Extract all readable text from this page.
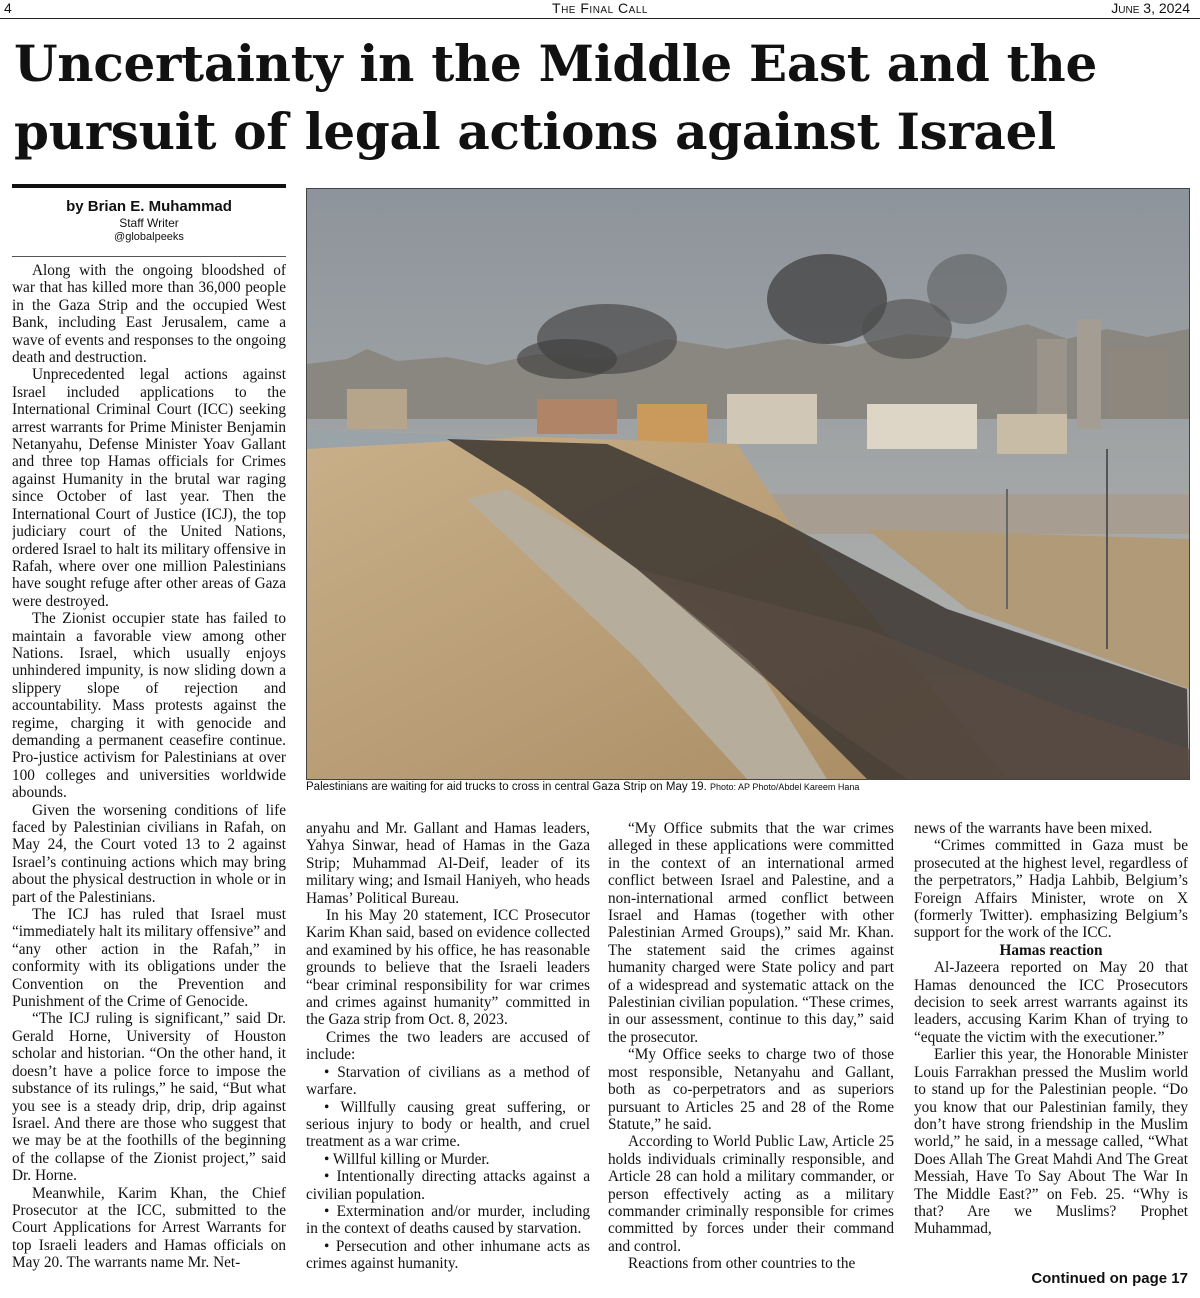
4	The Final Call	June 3, 2024
Uncertainty in the Middle East and the pursuit of legal actions against Israel
by Brian E. Muhammad
Staff Writer
@globalpeeks

Along with the ongoing bloodshed of war that has killed more than 36,000 people in the Gaza Strip and the occupied West Bank, including East Jerusalem, came a wave of events and responses to the ongoing death and destruction.

Unprecedented legal actions against Israel included applications to the International Criminal Court (ICC) seeking arrest warrants for Prime Minister Benjamin Netanyahu, Defense Minister Yoav Gallant and three top Hamas officials for Crimes against Humanity in the brutal war raging since October of last year. Then the International Court of Justice (ICJ), the top judiciary court of the United Nations, ordered Israel to halt its military offensive in Rafah, where over one million Palestinians have sought refuge after other areas of Gaza were destroyed.

The Zionist occupier state has failed to maintain a favorable view among other Nations. Israel, which usually enjoys unhindered impunity, is now sliding down a slippery slope of rejection and accountability. Mass protests against the regime, charging it with genocide and demanding a permanent ceasefire continue. Pro-justice activism for Palestinians at over 100 colleges and universities worldwide abounds.

Given the worsening conditions of life faced by Palestinian civilians in Rafah, on May 24, the Court voted 13 to 2 against Israel’s continuing actions which may bring about the physical destruction in whole or in part of the Palestinians.

The ICJ has ruled that Israel must “immediately halt its military offensive” and “any other action in the Rafah,” in conformity with its obligations under the Convention on the Prevention and Punishment of the Crime of Genocide.

“The ICJ ruling is significant,” said Dr. Gerald Horne, University of Houston scholar and historian. “On the other hand, it doesn’t have a police force to impose the substance of its rulings,” he said, “But what you see is a steady drip, drip, drip against Israel. And there are those who suggest that we may be at the foothills of the beginning of the collapse of the Zionist project,” said Dr. Horne.

Meanwhile, Karim Khan, the Chief Prosecutor at the ICC, submitted to the Court Applications for Arrest Warrants for top Israeli leaders and Hamas officials on May 20. The warrants name Mr. Net-

Palestinians are waiting for aid trucks to cross in central Gaza Strip on May 19. Photo: AP Photo/Abdel Kareem Hana

anyahu and Mr. Gallant and Hamas leaders, Yahya Sinwar, head of Hamas in the Gaza Strip; Muhammad Al-Deif, leader of its military wing; and Ismail Haniyeh, who heads Hamas’ Political Bureau.

In his May 20 statement, ICC Prosecutor Karim Khan said, based on evidence collected and examined by his office, he has reasonable grounds to believe that the Israeli leaders “bear criminal responsibility for war crimes and crimes against humanity” committed in the Gaza strip from Oct. 8, 2023.

Crimes the two leaders are accused of include:

• Starvation of civilians as a method of warfare.

• Willfully causing great suffering, or serious injury to body or health, and cruel treatment as a war crime.

• Willful killing or Murder.

• Intentionally directing attacks against a civilian population.

• Extermination and/or murder, including in the context of deaths caused by starvation.

• Persecution and other inhumane acts as crimes against humanity.

“My Office submits that the war crimes alleged in these applications were committed in the context of an international armed conflict between Israel and Palestine, and a non-international armed conflict between Israel and Hamas (together with other Palestinian Armed Groups),” said Mr. Khan. The statement said the crimes against humanity charged were State policy and part of a widespread and systematic attack on the Palestinian civilian population. “These crimes, in our assessment, continue to this day,” said the prosecutor.

“My Office seeks to charge two of those most responsible, Netanyahu and Gallant, both as co-perpetrators and as superiors pursuant to Articles 25 and 28 of the Rome Statute,” he said.

According to World Public Law, Article 25 holds individuals criminally responsible, and Article 28 can hold a military commander, or person effectively acting as a military commander criminally responsible for crimes committed by forces under their command and control.

Reactions from other countries to the

news of the warrants have been mixed.

“Crimes committed in Gaza must be prosecuted at the highest level, regardless of the perpetrators,” Hadja Lahbib, Belgium’s Foreign Affairs Minister, wrote on X (formerly Twitter). emphasizing Belgium’s support for the work of the ICC.

Hamas reaction

Al-Jazeera reported on May 20 that Hamas denounced the ICC Prosecutors decision to seek arrest warrants against its leaders, accusing Karim Khan of trying to “equate the victim with the executioner.”

Earlier this year, the Honorable Minister Louis Farrakhan pressed the Muslim world to stand up for the Palestinian people. “Do you know that our Palestinian family, they don’t have strong friendship in the Muslim world,” he said, in a message called, “What Does Allah The Great Mahdi And The Great Messiah, Have To Say About The War In The Middle East?” on Feb. 25. “Why is that? Are we Muslims? Prophet Muhammad,

Continued on page 17
